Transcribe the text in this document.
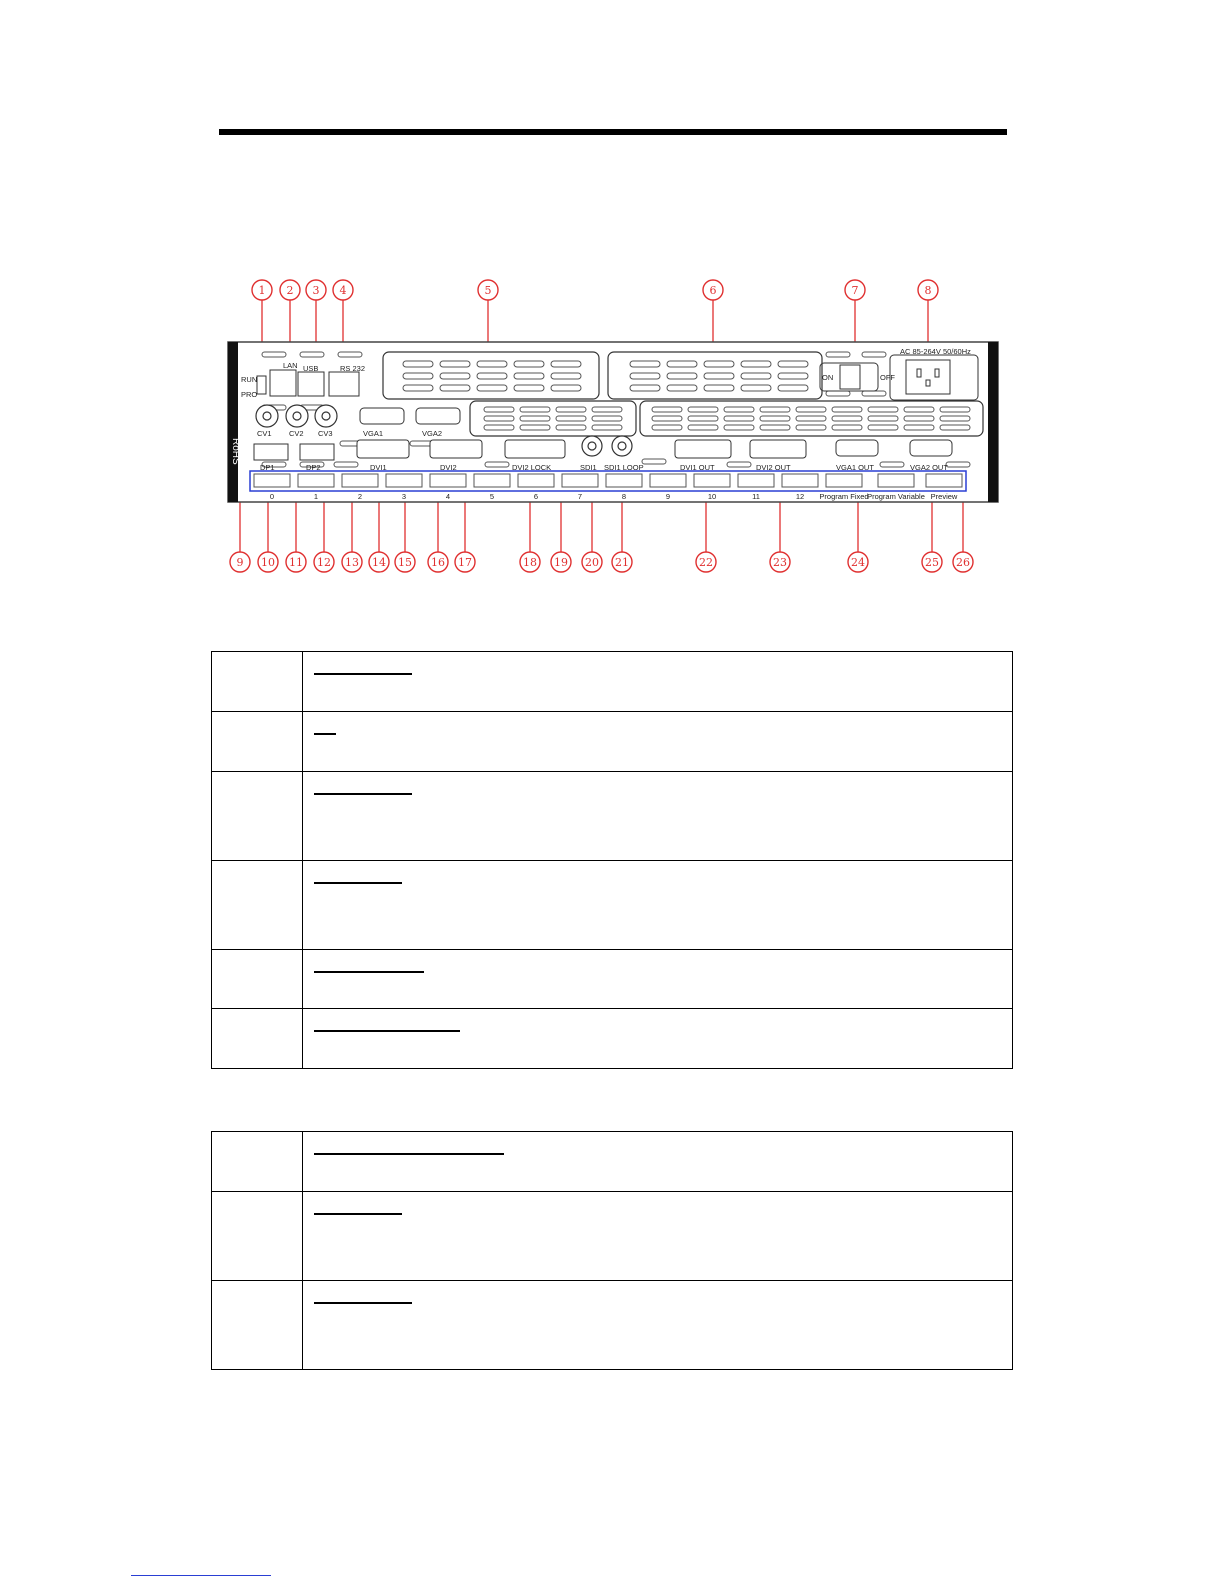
RoHS
RUN
PRO
LAN USB	RS 232
ON	OFF
AC 85-264V 50/60Hz
CV1 CV2 CV3	VGA1	VGA2
DP1	DP2	DVI1	DVI2	DVI2 LOCK	SDI1 SDI1 LOOP	DVI1 OUT	DVI2 OUT	VGA1 OUT	VGA2 OUT
0	1	2	3	4	5	6	7	8	9	10	11	12 Program Fixed
Program Variable Preview
1 2 3 4	5	6	7	8
9 10 11 12 13 14 15 16 17	18 19 20 21	22	23	24	25 26
